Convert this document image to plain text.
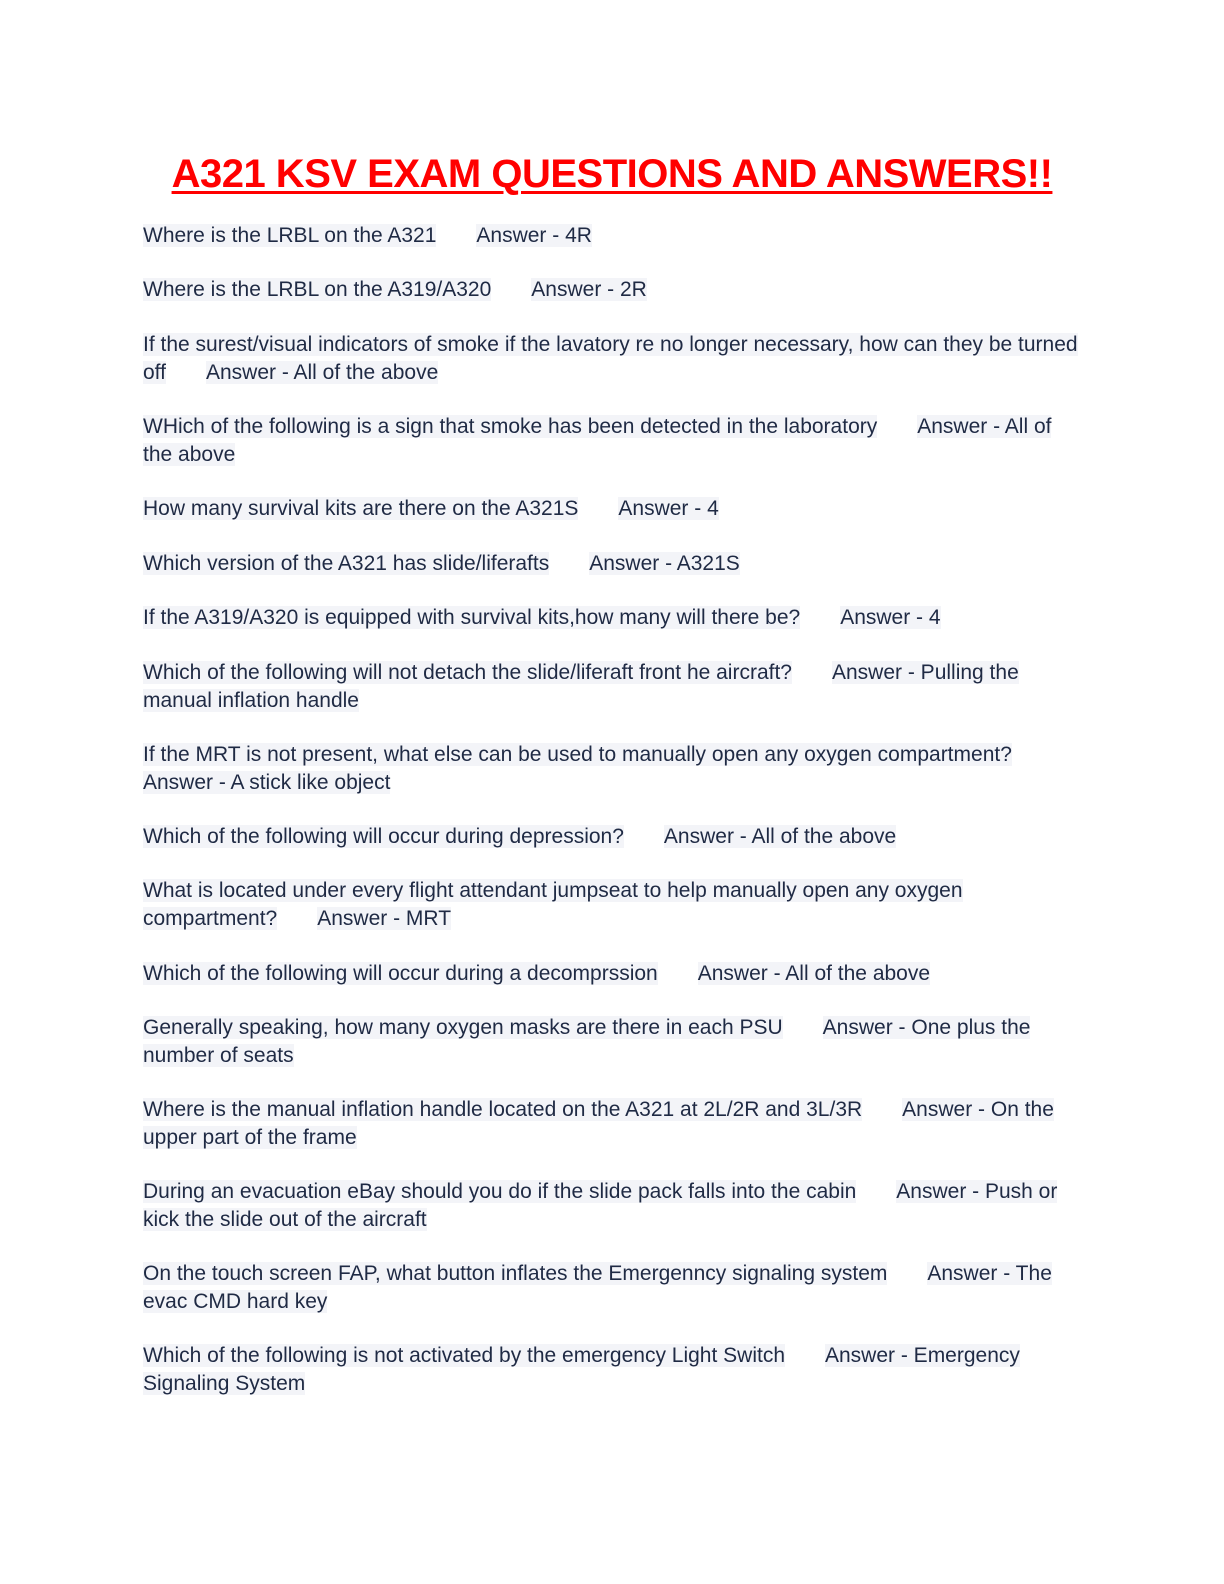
A321 KSV EXAM QUESTIONS AND ANSWERS!!
Where is the LRBL on the A321 Answer - 4R
Where is the LRBL on the A319/A320 Answer - 2R
If the surest/visual indicators of smoke if the lavatory re no longer necessary, how can they be turned off Answer - All of the above
WHich of the following is a sign that smoke has been detected in the laboratory Answer - All of the above
How many survival kits are there on the A321S Answer - 4
Which version of the A321 has slide/liferafts Answer - A321S
If the A319/A320 is equipped with survival kits,how many will there be? Answer - 4
Which of the following will not detach the slide/liferaft front he aircraft? Answer - Pulling the manual inflation handle
If the MRT is not present, what else can be used to manually open any oxygen compartment?Answer - A stick like object
Which of the following will occur during depression? Answer - All of the above
What is located under every flight attendant jumpseat to help manually open any oxygen compartment? Answer - MRT
Which of the following will occur during a decomprssion Answer - All of the above
Generally speaking, how many oxygen masks are there in each PSU Answer - One plus the number of seats
Where is the manual inflation handle located on the A321 at 2L/2R and 3L/3R Answer - On the upper part of the frame
During an evacuation eBay should you do if the slide pack falls into the cabin Answer - Push or kick the slide out of the aircraft
On the touch screen FAP, what button inflates the Emergenncy signaling system Answer - The evac CMD hard key
Which of the following is not activated by the emergency Light Switch Answer - Emergency Signaling System
